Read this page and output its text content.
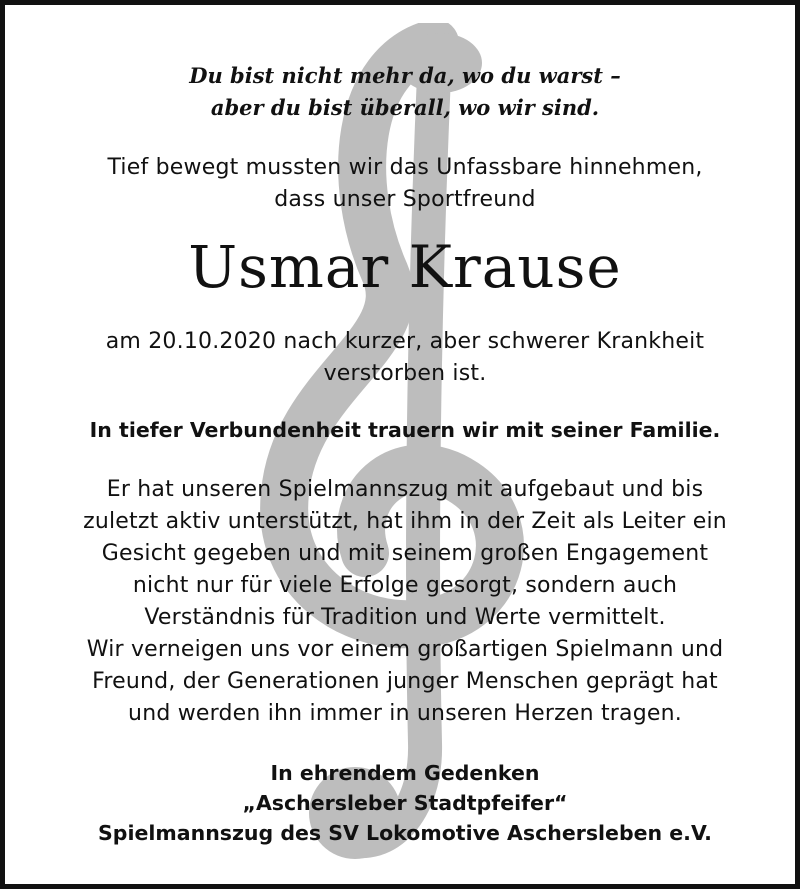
Du bist nicht mehr da, wo du warst –
aber du bist überall, wo wir sind.
Tief bewegt mussten wir das Unfassbare hinnehmen,
dass unser Sportfreund
Usmar Krause
am 20.10.2020 nach kurzer, aber schwerer Krankheit
verstorben ist.
In tiefer Verbundenheit trauern wir mit seiner Familie.
Er hat unseren Spielmannszug mit aufgebaut und bis
zuletzt aktiv unterstützt, hat ihm in der Zeit als Leiter ein
Gesicht gegeben und mit seinem großen Engagement
nicht nur für viele Erfolge gesorgt, sondern auch
Verständnis für Tradition und Werte vermittelt.
Wir verneigen uns vor einem großartigen Spielmann und
Freund, der Generationen junger Menschen geprägt hat
und werden ihn immer in unseren Herzen tragen.
In ehrendem Gedenken
„Aschersleber Stadtpfeifer“
Spielmannszug des SV Lokomotive Aschersleben e.V.
